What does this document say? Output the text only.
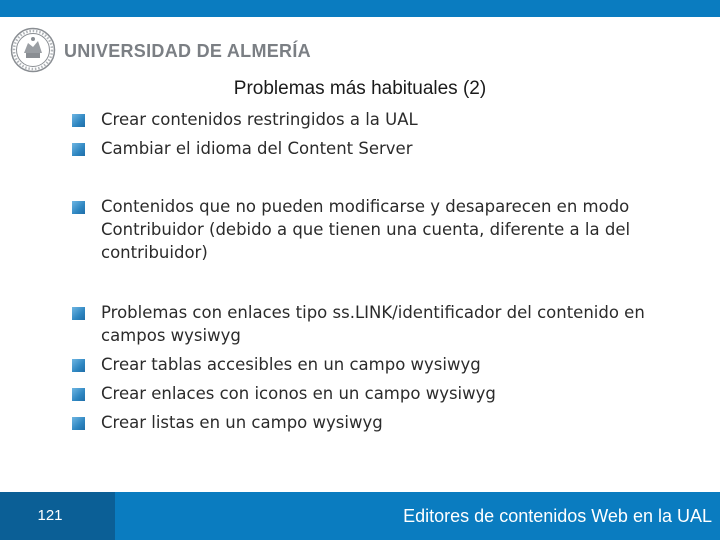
UNIVERSIDAD DE ALMERÍA
Problemas más habituales (2)
Crear contenidos restringidos a la UAL
Cambiar el idioma del Content Server
Contenidos que no pueden modificarse y desaparecen en modo Contribuidor (debido a que tienen una cuenta, diferente a la del contribuidor)
Problemas con enlaces tipo ss.LINK/identificador del contenido en campos wysiwyg
Crear tablas accesibles en un campo wysiwyg
Crear enlaces con iconos en un campo wysiwyg
Crear listas en un campo wysiwyg
121	Editores de contenidos Web en la UAL
